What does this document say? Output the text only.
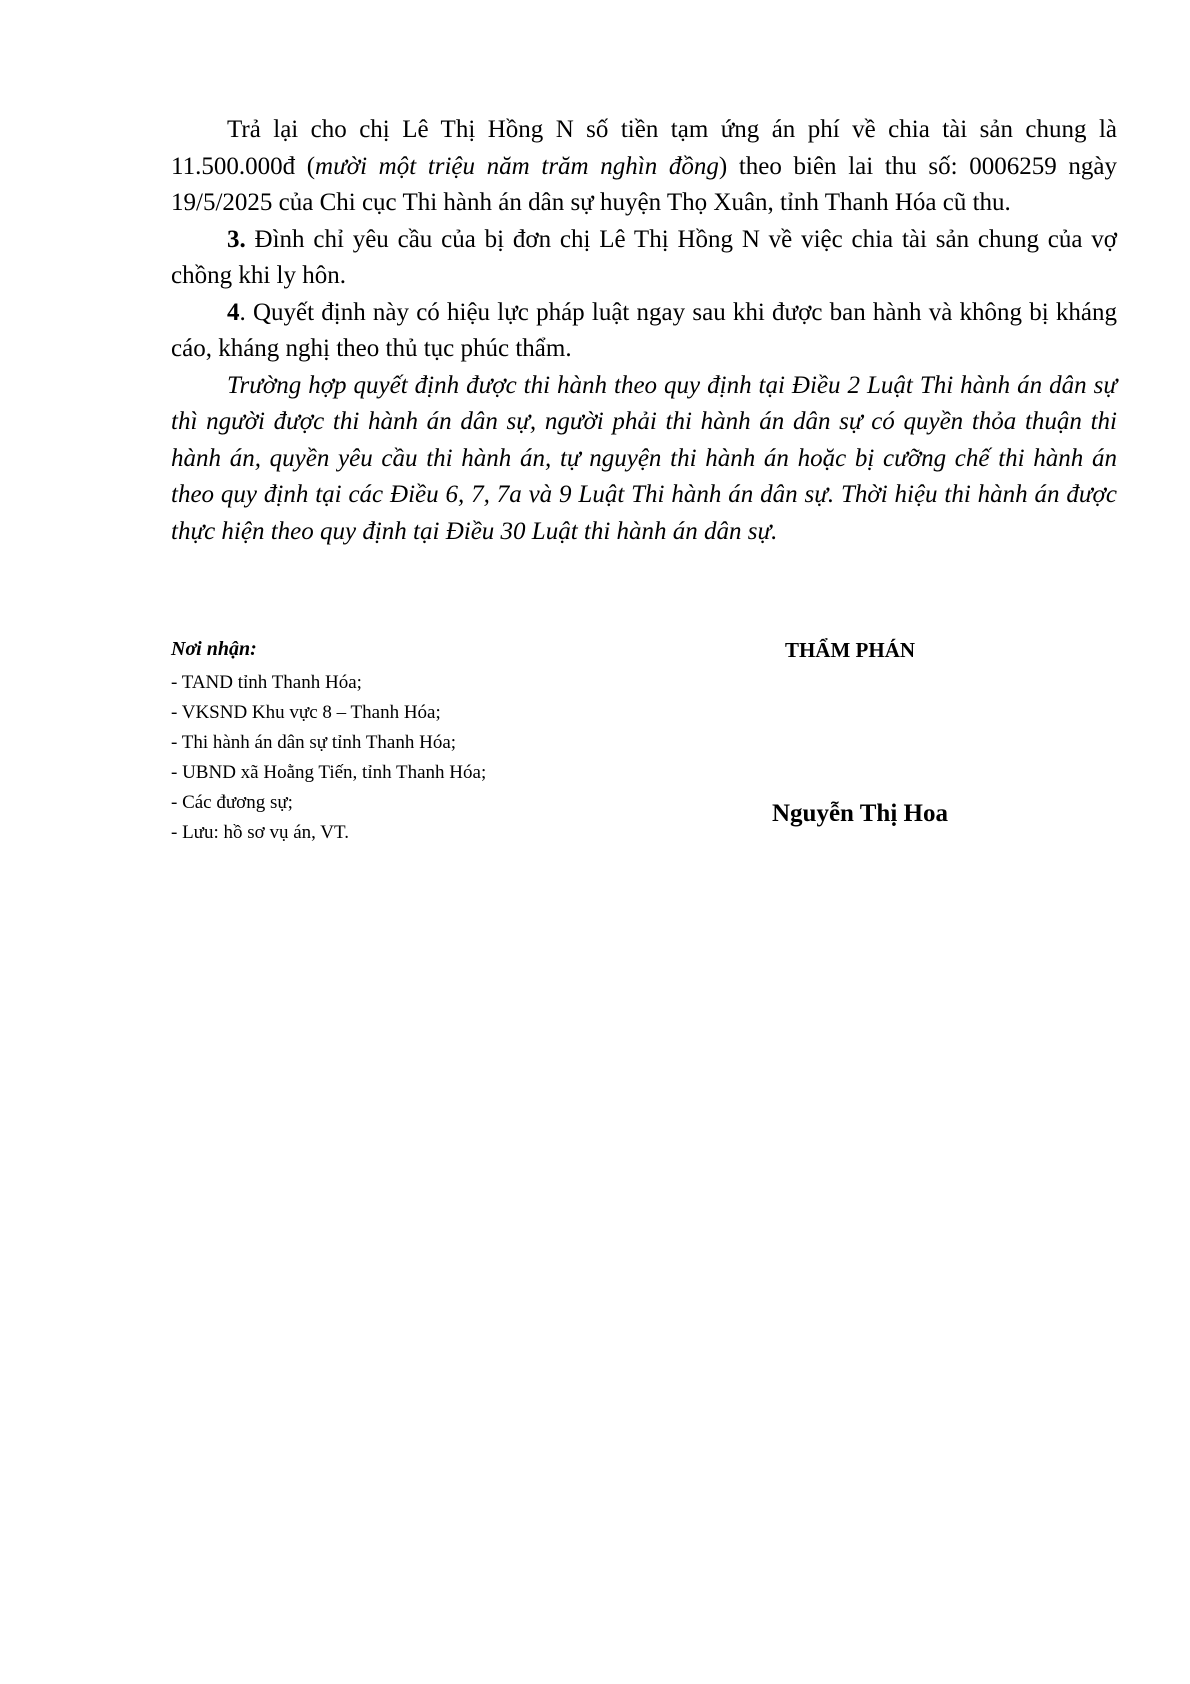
Trả lại cho chị Lê Thị Hồng N số tiền tạm ứng án phí về chia tài sản chung là 11.500.000đ (mười một triệu năm trăm nghìn đồng) theo biên lai thu số: 0006259 ngày 19/5/2025 của Chi cục Thi hành án dân sự huyện Thọ Xuân, tỉnh Thanh Hóa cũ thu.

3. Đình chỉ yêu cầu của bị đơn chị Lê Thị Hồng N về việc chia tài sản chung của vợ chồng khi ly hôn.

4. Quyết định này có hiệu lực pháp luật ngay sau khi được ban hành và không bị kháng cáo, kháng nghị theo thủ tục phúc thẩm.

Trường hợp quyết định được thi hành theo quy định tại Điều 2 Luật Thi hành án dân sự thì người được thi hành án dân sự, người phải thi hành án dân sự có quyền thỏa thuận thi hành án, quyền yêu cầu thi hành án, tự nguyện thi hành án hoặc bị cưỡng chế thi hành án theo quy định tại các Điều 6, 7, 7a và 9 Luật Thi hành án dân sự. Thời hiệu thi hành án được thực hiện theo quy định tại Điều 30 Luật thi hành án dân sự.

Nơi nhận:
- TAND tỉnh Thanh Hóa;
- VKSND Khu vực 8 – Thanh Hóa;
- Thi hành án dân sự tỉnh Thanh Hóa;
- UBND xã Hoằng Tiến, tỉnh Thanh Hóa;
- Các đương sự;
- Lưu: hồ sơ vụ án, VT.
THẨM PHÁN
Nguyễn Thị Hoa
